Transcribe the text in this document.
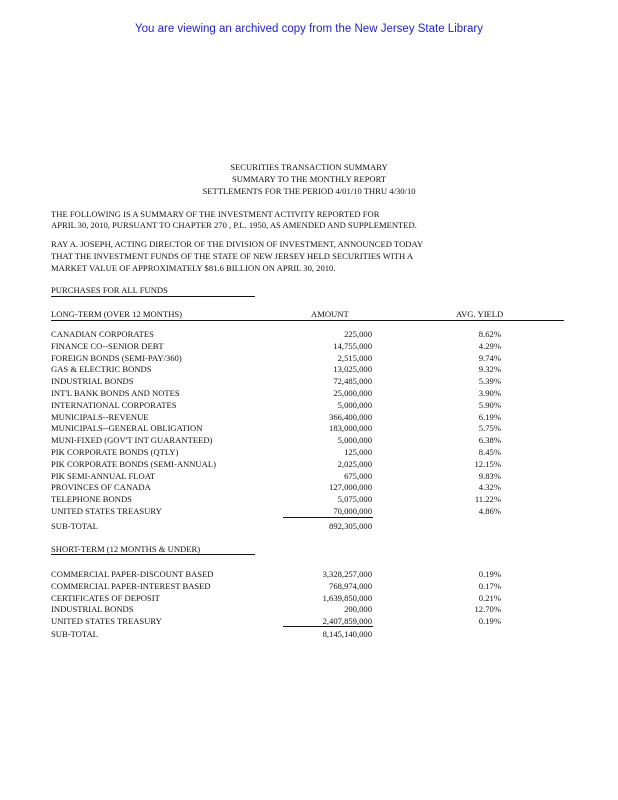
You are viewing an archived copy from the New Jersey State Library
SECURITIES TRANSACTION SUMMARY
SUMMARY TO THE MONTHLY REPORT
SETTLEMENTS FOR THE PERIOD 4/01/10 THRU 4/30/10
THE FOLLOWING IS A SUMMARY OF THE INVESTMENT ACTIVITY REPORTED FOR
APRIL 30, 2010, PURSUANT TO CHAPTER 270 , P.L. 1950, AS AMENDED AND SUPPLEMENTED.
RAY A. JOSEPH, ACTING DIRECTOR OF THE DIVISION OF INVESTMENT, ANNOUNCED TODAY
THAT THE INVESTMENT FUNDS OF THE STATE OF NEW JERSEY HELD SECURITIES WITH A
MARKET VALUE OF APPROXIMATELY $81.6 BILLION ON APRIL 30, 2010.
PURCHASES FOR ALL FUNDS
LONG-TERM (OVER 12 MONTHS)	AMOUNT	AVG. YIELD
CANADIAN CORPORATES	225,000	8.62%
FINANCE CO--SENIOR DEBT	14,755,000	4.29%
FOREIGN BONDS (SEMI-PAY/360)	2,515,000	9.74%
GAS & ELECTRIC BONDS	13,025,000	9.32%
INDUSTRIAL BONDS	72,485,000	5.39%
INT'L BANK BONDS AND NOTES	25,000,000	3.90%
INTERNATIONAL CORPORATES	5,000,000	5.90%
MUNICIPALS--REVENUE	366,400,000	6.19%
MUNICIPALS--GENERAL OBLIGATION	183,000,000	5.75%
MUNI-FIXED (GOV'T INT GUARANTEED)	5,000,000	6.38%
PIK CORPORATE BONDS (QTLY)	125,000	8.45%
PIK CORPORATE BONDS (SEMI-ANNUAL)	2,025,000	12.15%
PIK SEMI-ANNUAL FLOAT	675,000	9.83%
PROVINCES OF CANADA	127,000,000	4.32%
TELEPHONE BONDS	5,075,000	11.22%
UNITED STATES TREASURY	70,000,000	4.86%
SUB-TOTAL	892,305,000
SHORT-TERM (12 MONTHS & UNDER)
COMMERCIAL PAPER-DISCOUNT BASED	3,328,257,000	0.19%
COMMERCIAL PAPER-INTEREST BASED	768,974,000	0.17%
CERTIFICATES OF DEPOSIT	1,639,850,000	0.21%
INDUSTRIAL BONDS	200,000	12.70%
UNITED STATES TREASURY	2,407,859,000	0.19%
SUB-TOTAL	8,145,140,000
